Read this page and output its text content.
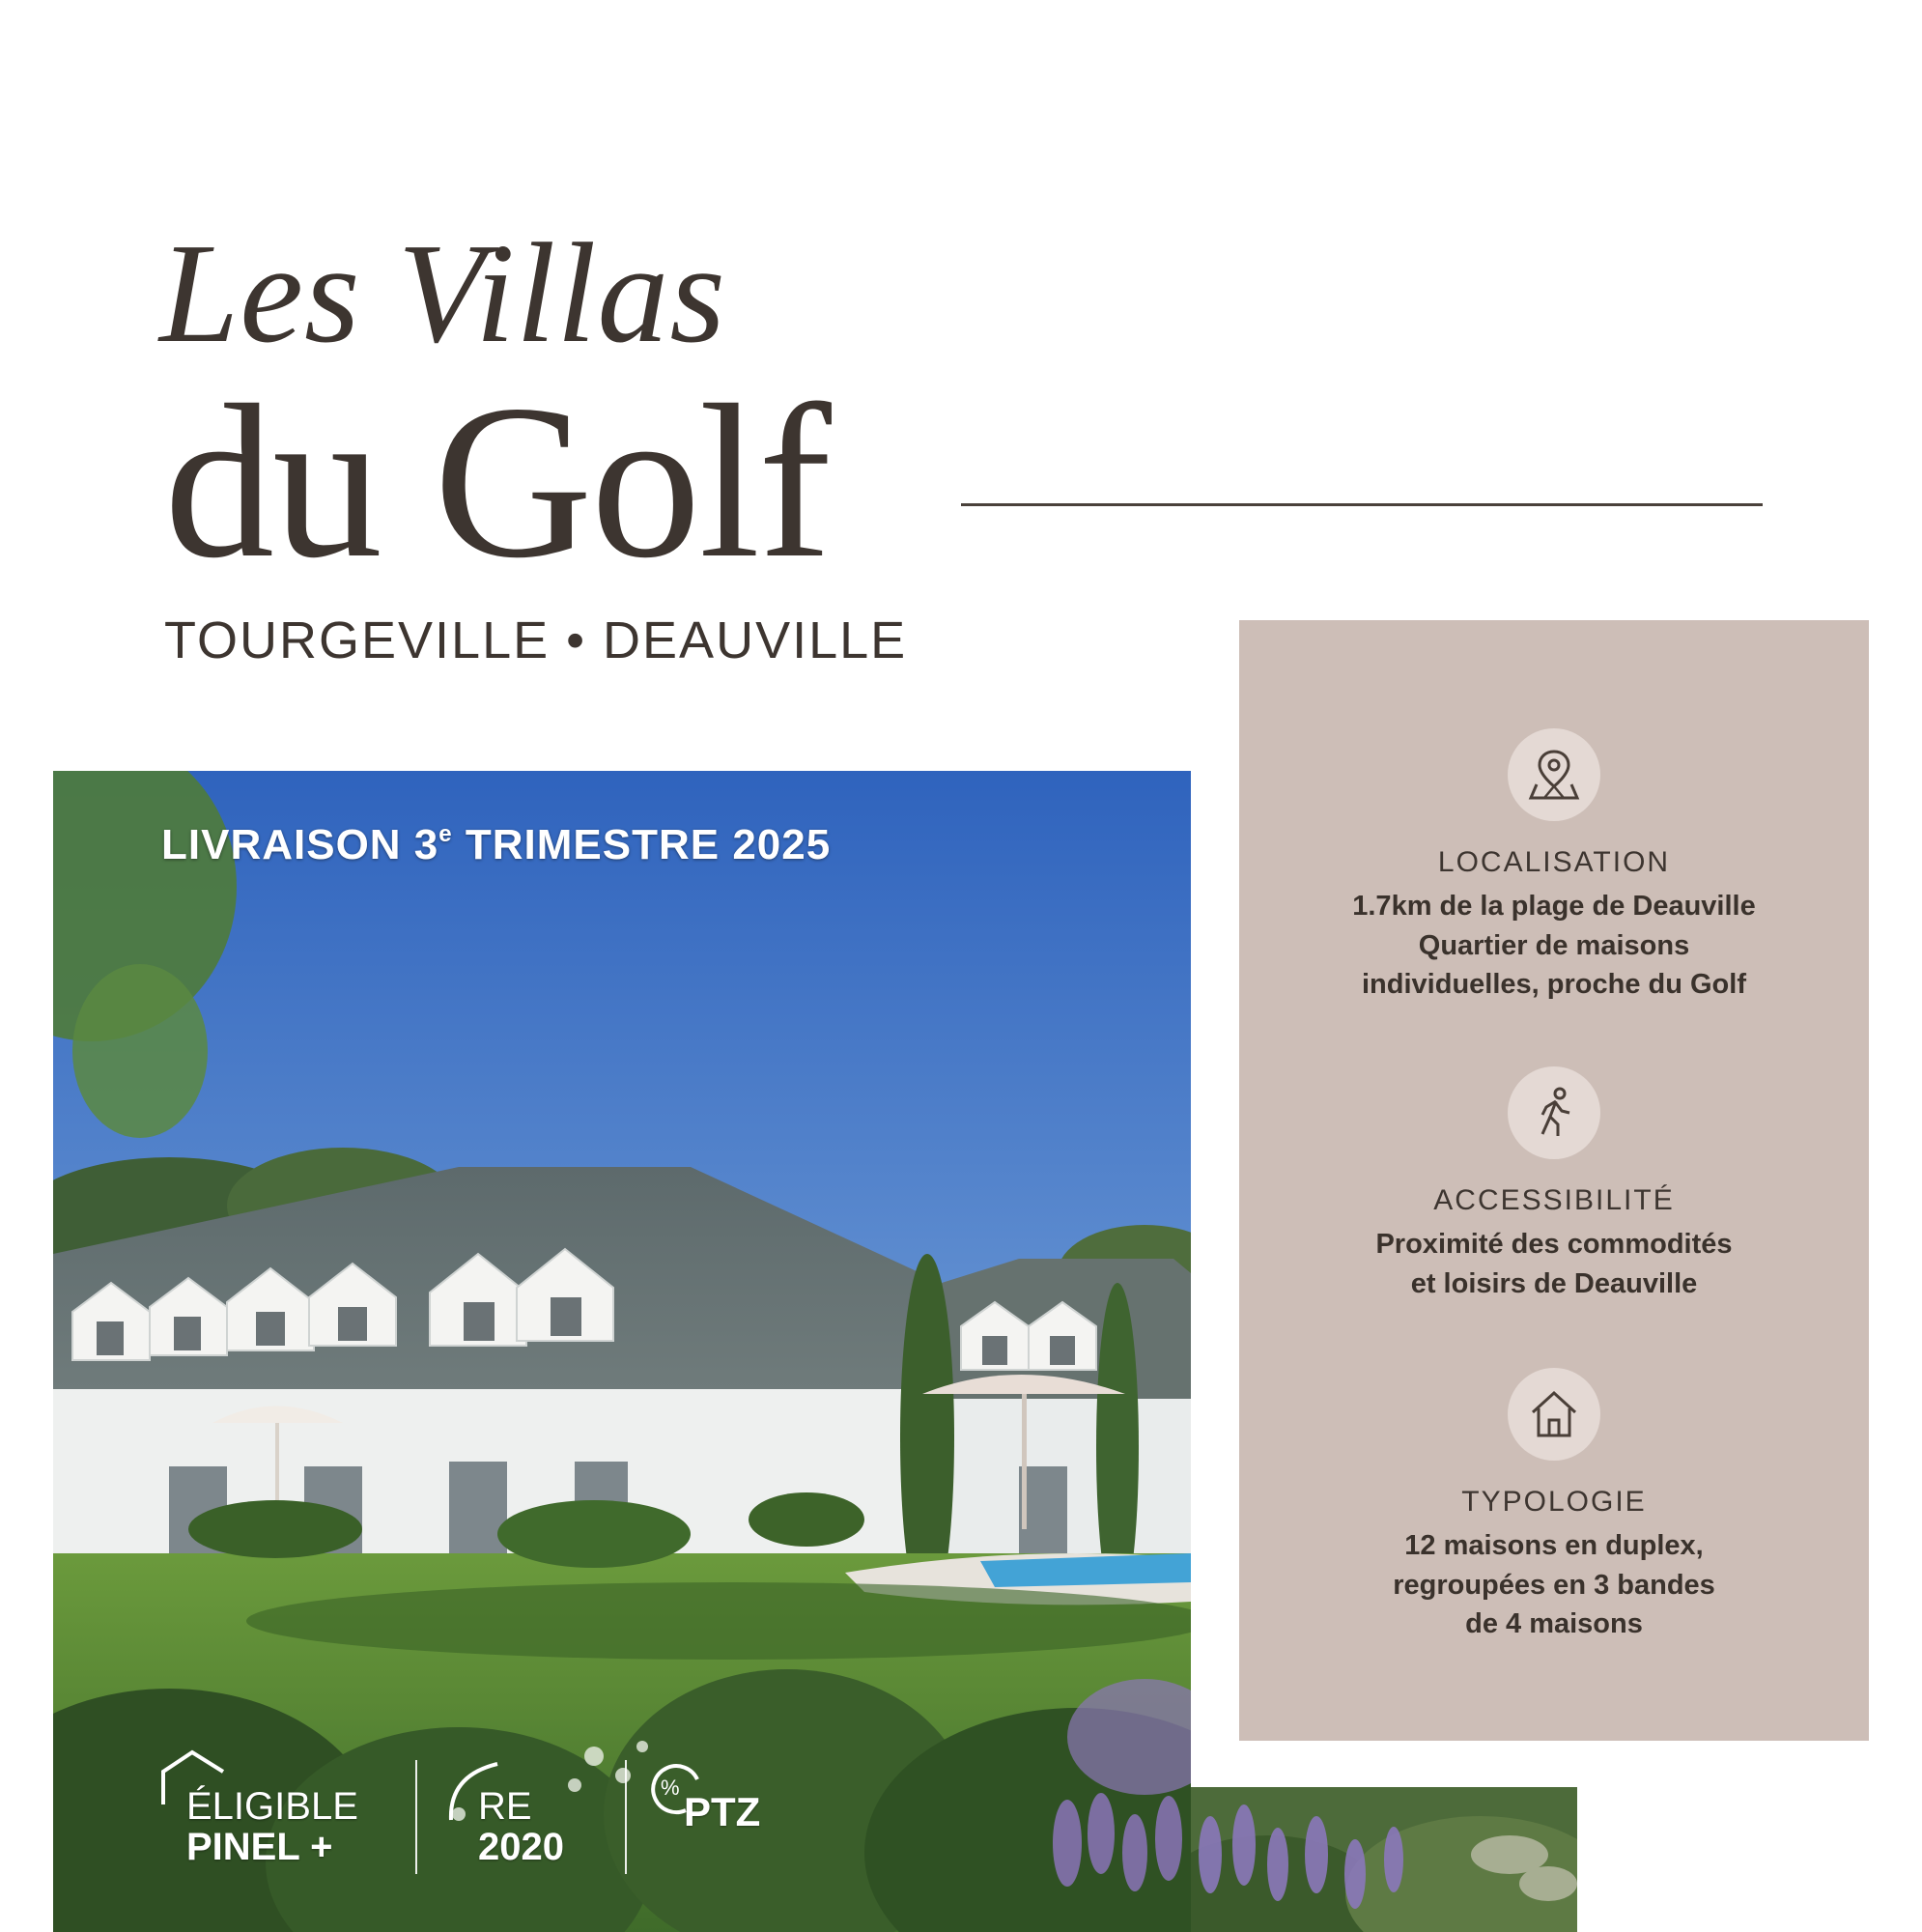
Les Villas
du Golf
TOURGEVILLE • DEAUVILLE
LIVRAISON 3e TRIMESTRE 2025
ÉLIGIBLE
PINEL +
RE
2020
%
PTZ
LOCALISATION
1.7km de la plage de Deauville
Quartier de maisons
individuelles, proche du Golf
ACCESSIBILITÉ
Proximité des commodités
et loisirs de Deauville
TYPOLOGIE
12 maisons en duplex,
regroupées en 3 bandes
de 4 maisons
